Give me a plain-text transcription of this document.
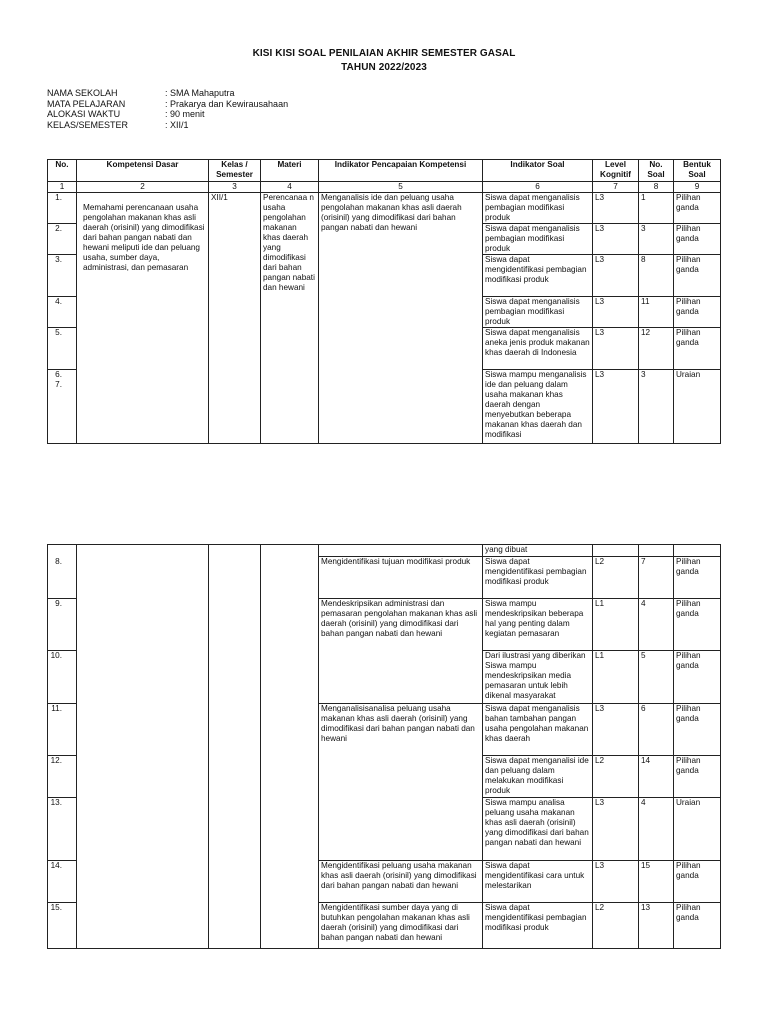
KISI KISI SOAL PENILAIAN AKHIR SEMESTER GASAL
TAHUN 2022/2023
NAMA SEKOLAH	: SMA Mahaputra
MATA PELAJARAN	: Prakarya dan Kewirausahaan
ALOKASI WAKTU	: 90 menit
KELAS/SEMESTER	: XII/1
No.	Kompetensi Dasar	Kelas / Semester	Materi	Indikator Pencapaian Kompetensi	Indikator Soal	Level Kognitif	No. Soal	Bentuk Soal
1	2	3	4	5	6	7	8	9
1.	Memahami perencanaan usaha pengolahan makanan khas asli daerah (orisinil) yang dimodifikasi dari bahan pangan nabati dan hewani meliputi ide dan peluang usaha, sumber daya, administrasi, dan pemasaran	XII/1	Perencanaa n usaha pengolahan makanan khas daerah yang dimodifikasi dari bahan pangan nabati dan hewani	Menganalisis ide dan peluang usaha pengolahan makanan khas asli daerah (orisinil) yang dimodifikasi dari bahan pangan nabati dan hewani	Siswa dapat menganalisis pembagian modifikasi produk	L3	1	Pilihan ganda
2.					Siswa dapat menganalisis pembagian modifikasi produk	L3	3	Pilihan ganda
3.					Siswa dapat mengidentifikasi pembagian modifikasi produk	L3	8	Pilihan ganda
4.					Siswa dapat menganalisis pembagian modifikasi produk	L3	11	Pilihan ganda
5.					Siswa dapat menganalisis aneka jenis produk makanan khas daerah di Indonesia	L3	12	Pilihan ganda

6.
7.					Siswa mampu menganalisis ide dan peluang dalam usaha makanan khas daerah dengan menyebutkan beberapa makanan khas daerah dan modifikasi	L3	3	Uraian
					yang dibuat			
8.				Mengidentifikasi tujuan modifikasi produk	Siswa dapat mengidentifikasi pembagian modifikasi produk	L2	7	Pilihan ganda
9.				Mendeskripsikan administrasi dan pemasaran pengolahan makanan khas asli daerah (orisinil) yang dimodifikasi dari bahan pangan nabati dan hewani	Siswa mampu mendeskripsikan beberapa hal yang penting dalam kegiatan pemasaran	L1	4	Pilihan ganda
10.					Dari ilustrasi yang diberikan Siswa mampu mendeskripsikan media pemasaran untuk lebih dikenal masyarakat	L1	5	Pilihan ganda
11.				Menganalisisanalisa peluang usaha makanan khas asli daerah (orisinil) yang dimodifikasi dari bahan pangan nabati dan hewani	Siswa dapat menganalisis bahan tambahan pangan usaha pengolahan makanan khas daerah	L3	6	Pilihan ganda
12.					Siswa dapat menganalisi ide dan peluang dalam melakukan modifikasi produk	L2	14	Pilihan ganda
13.					Siswa mampu analisa peluang usaha makanan khas asli daerah (orisinil) yang dimodifikasi dari bahan pangan nabati dan hewani	L3	4	Uraian
14.				Mengidentifikasi peluang usaha makanan khas asli daerah (orisinil) yang dimodifikasi dari bahan pangan nabati dan hewani	Siswa dapat mengidentifikasi cara untuk melestarikan	L3	15	Pilihan ganda
15.				Mengidentifikasi sumber daya yang di butuhkan pengolahan makanan khas asli daerah (orisinil) yang dimodifikasi dari bahan pangan nabati dan hewani	Siswa dapat mengidentifikasi pembagian modifikasi produk	L2	13	Pilihan ganda
